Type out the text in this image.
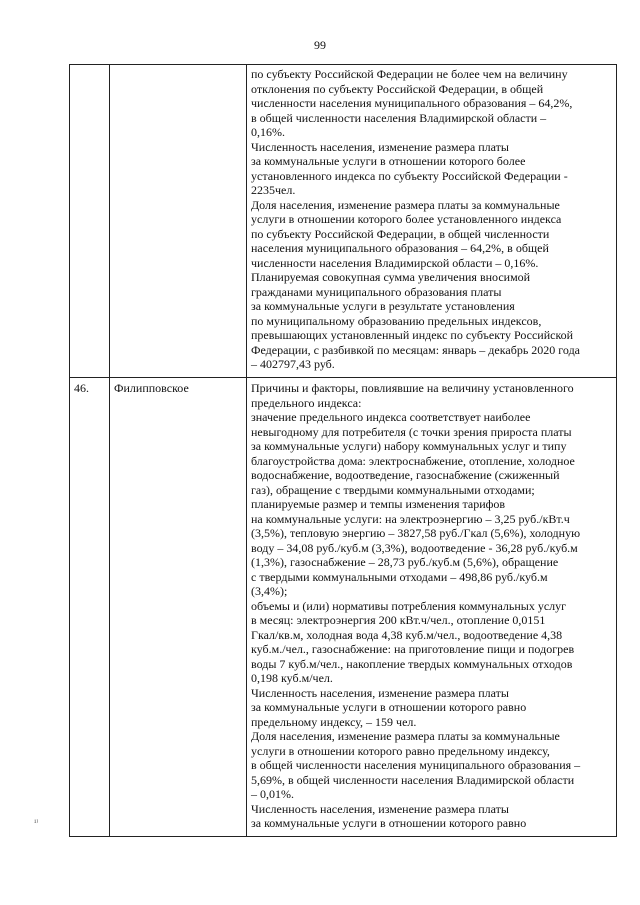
99
по субъекту Российской Федерации не более чем на величину
отклонения по субъекту Российской Федерации, в общей
численности населения муниципального образования – 64,2%,
в общей численности населения Владимирской области –
0,16%.
Численность населения, изменение размера платы
за коммунальные услуги в отношении которого более
установленного индекса по субъекту Российской Федерации -
2235чел.
Доля населения, изменение размера платы за коммунальные
услуги в отношении которого более установленного индекса
по субъекту Российской Федерации, в общей численности
населения муниципального образования – 64,2%, в общей
численности населения Владимирской области – 0,16%.
Планируемая совокупная сумма увеличения вносимой
гражданами муниципального образования платы
за коммунальные услуги в результате установления
по муниципальному образованию предельных индексов,
превышающих установленный индекс по субъекту Российской
Федерации, с разбивкой по месяцам: январь – декабрь 2020 года
– 402797,43 руб.
46.	Филипповское	Причины и факторы, повлиявшие на величину установленного
предельного индекса:
значение предельного индекса соответствует наиболее
невыгодному для потребителя (с точки зрения прироста платы
за коммунальные услуги) набору коммунальных услуг и типу
благоустройства дома: электроснабжение, отопление, холодное
водоснабжение, водоотведение, газоснабжение (сжиженный
газ), обращение с твердыми коммунальными отходами;
планируемые размер и темпы изменения тарифов
на коммунальные услуги: на электроэнергию – 3,25 руб./кВт.ч
(3,5%), тепловую энергию – 3827,58 руб./Гкал (5,6%), холодную
воду – 34,08 руб./куб.м (3,3%), водоотведение - 36,28 руб./куб.м
(1,3%), газоснабжение – 28,73 руб./куб.м (5,6%), обращение
с твердыми коммунальными отходами – 498,86 руб./куб.м
(3,4%);
объемы и (или) нормативы потребления коммунальных услуг
в месяц: электроэнергия 200 кВт.ч/чел., отопление 0,0151
Гкал/кв.м, холодная вода 4,38 куб.м/чел., водоотведение 4,38
куб.м./чел., газоснабжение: на приготовление пищи и подогрев
воды 7 куб.м/чел., накопление твердых коммунальных отходов
0,198 куб.м/чел.
Численность населения, изменение размера платы
за коммунальные услуги в отношении которого равно
предельному индексу, – 159 чел.
Доля населения, изменение размера платы за коммунальные
услуги в отношении которого равно предельному индексу,
в общей численности населения муниципального образования –
5,69%, в общей численности населения Владимирской области
– 0,01%.
Численность населения, изменение размера платы
за коммунальные услуги в отношении которого равно
¹⁾
